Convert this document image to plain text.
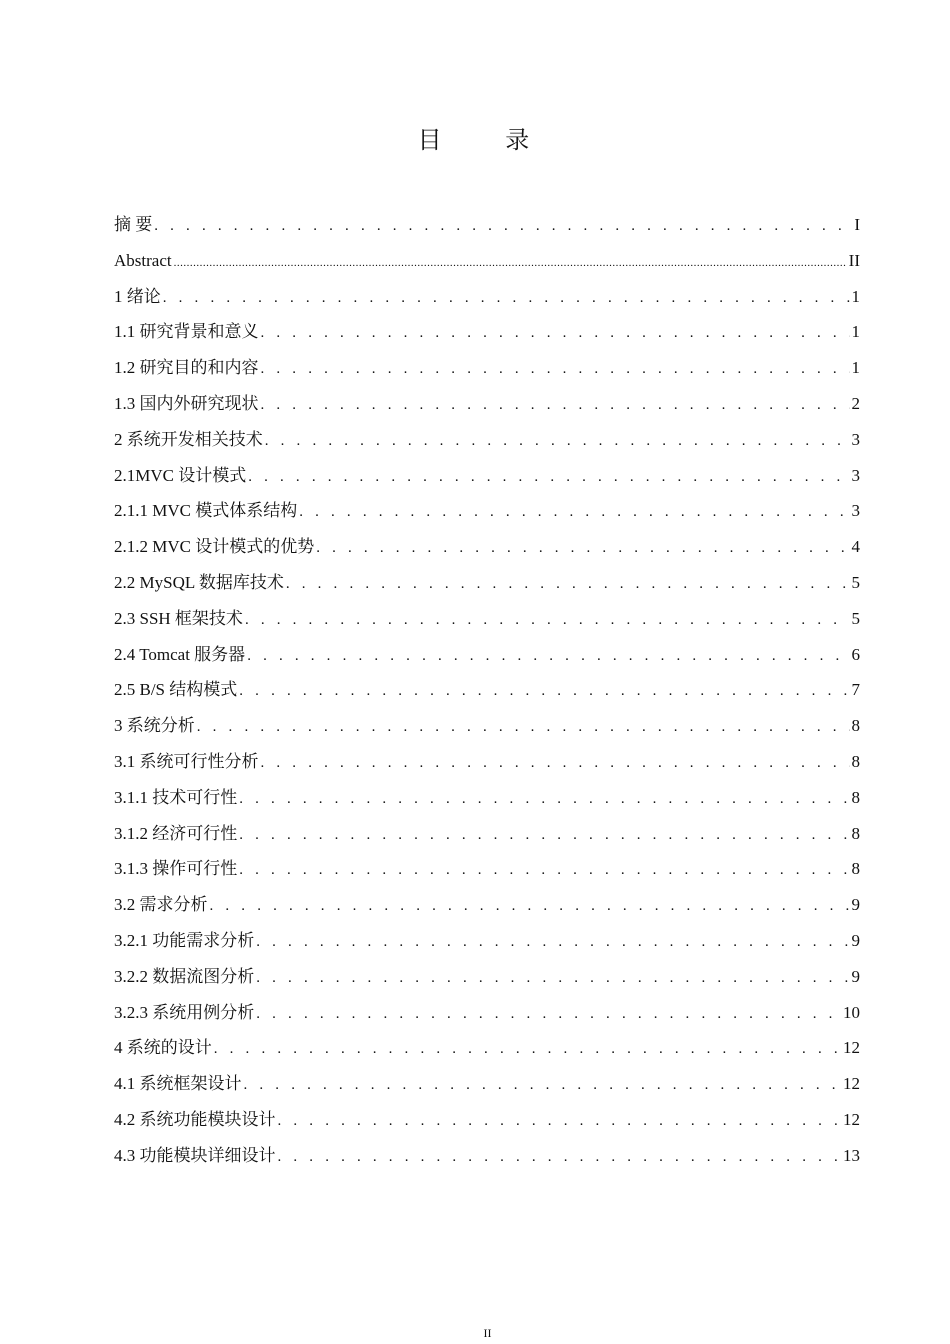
目 录
摘 要 . . .	I
Abstract .....	II
1 绪论 . . .	1
1.1 研究背景和意义 . . .	1
1.2 研究目的和内容 . . .	1
1.3 国内外研究现状 . . .	2
2 系统开发相关技术 . . .	3
2.1MVC 设计模式 . . .	3
2.1.1 MVC 模式体系结构 . . .	3
2.1.2 MVC 设计模式的优势 . . .	4
2.2 MySQL 数据库技术 . . .	5
2.3 SSH 框架技术 . . .	5
2.4 Tomcat 服务器 . . .	6
2.5 B/S 结构模式 . . .	7
3 系统分析 . . .	8
3.1 系统可行性分析 . . .	8
3.1.1 技术可行性 . . .	8
3.1.2 经济可行性 . . .	8
3.1.3 操作可行性 . . .	8
3.2 需求分析 . . .	9
3.2.1 功能需求分析 . . .	9
3.2.2 数据流图分析 . . .	9
3.2.3 系统用例分析 . . .	10
4 系统的设计 . . .	12
4.1 系统框架设计 . . .	12
4.2 系统功能模块设计 . . .	12
4.3 功能模块详细设计 . . .	13
II
